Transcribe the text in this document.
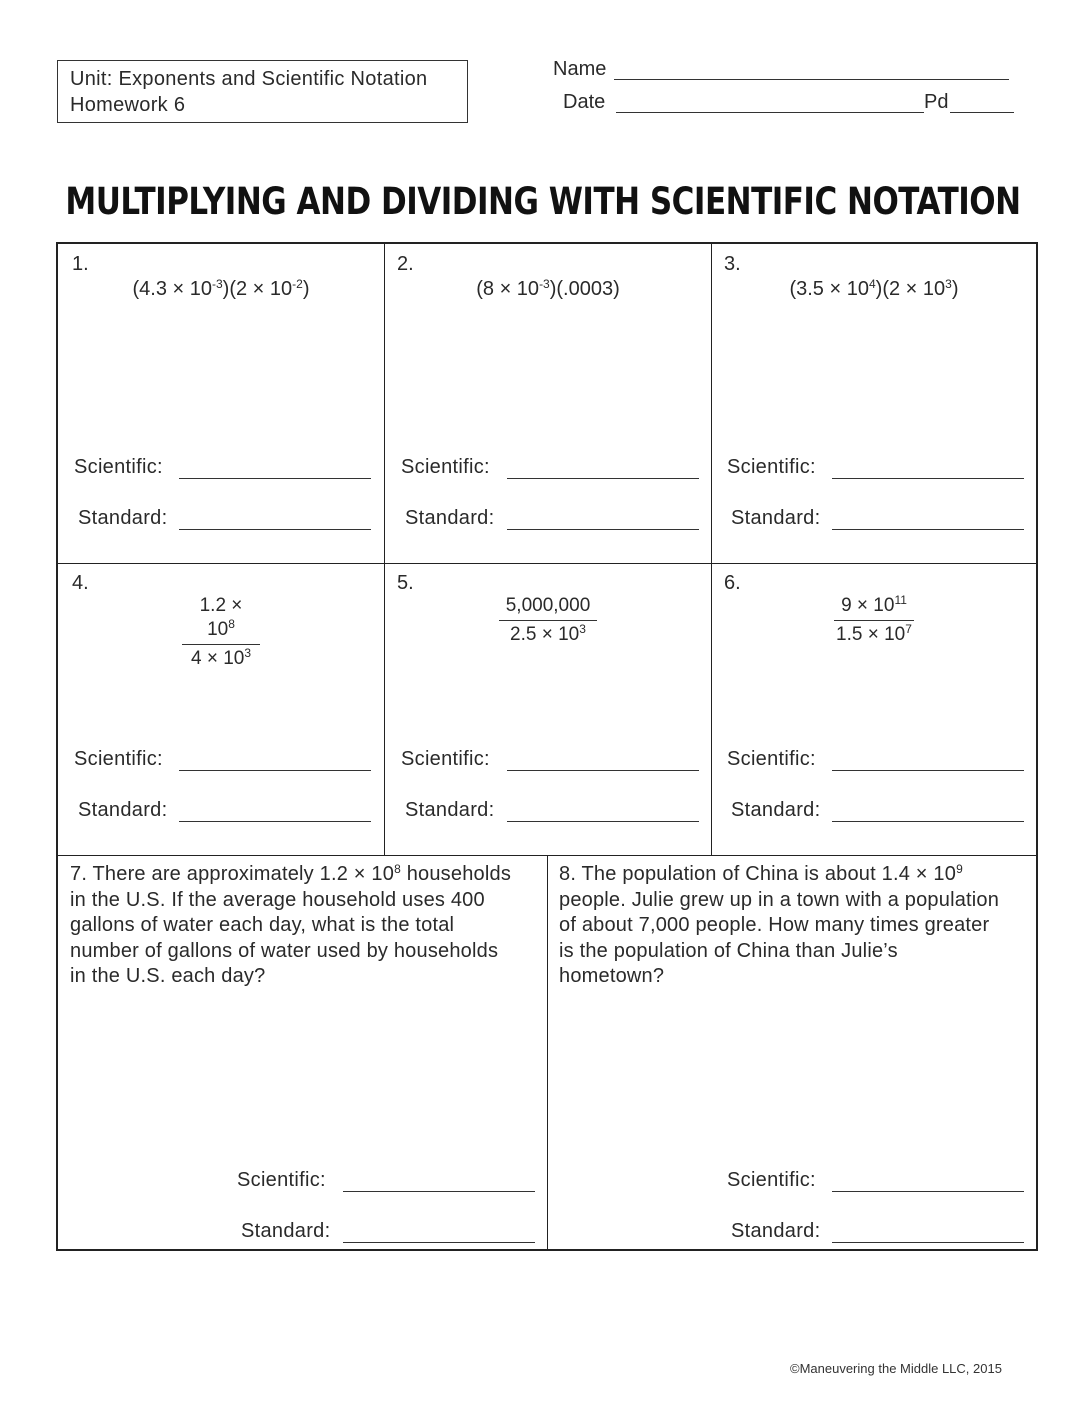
Unit: Exponents and Scientific Notation
Homework 6
Name
Date	Pd
MULTIPLYING AND DIVIDING WITH SCIENTIFIC NOTATION
1.
$(4.3 \times 10^{-3})(2 \times 10^{-2})$
Scientific:
Standard:
2.
$(8 \times 10^{-3})(.0003)$
Scientific:
Standard:
3.
$(3.5 \times 10^4)(2 \times 10^3)$
Scientific:
Standard:
4.
$\frac{1.2 \times 10^8}{4 \times 10^3}$
Scientific:
Standard:
5.
$\frac{5,000,000}{2.5 \times 10^3}$
Scientific:
Standard:
6.
$\frac{9 \times 10^{11}}{1.5 \times 10^7}$
Scientific:
Standard:
7. There are approximately $1.2 \times 10^8$ households
in the U.S. If the average household uses 400
gallons of water each day, what is the total
number of gallons of water used by households
in the U.S. each day?
Scientific:
Standard:
8. The population of China is about $1.4 \times 10^9$
people. Julie grew up in a town with a population
of about 7,000 people. How many times greater
is the population of China than Julie’s
hometown?
Scientific:
Standard:
©Maneuvering the Middle LLC, 2015
